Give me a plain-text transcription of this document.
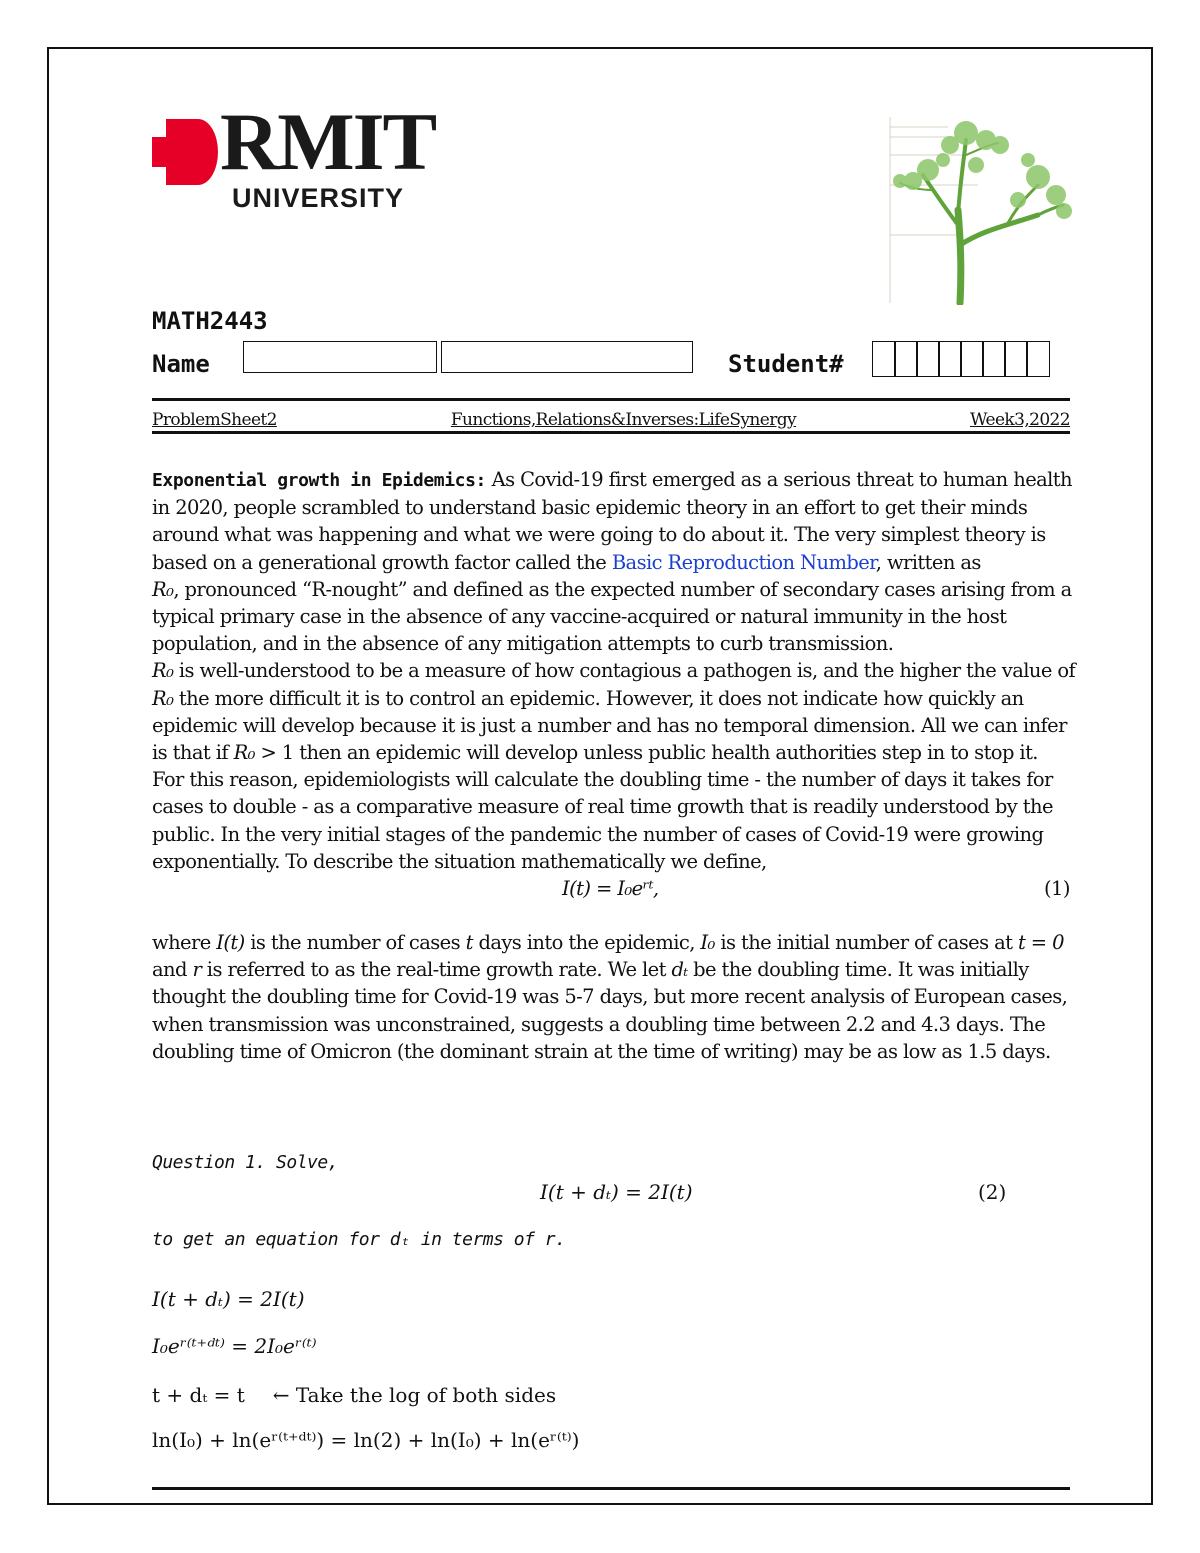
RMIT
UNIVERSITY
MATH2443
Name	Student#
ProblemSheet2	Functions,Relations&Inverses:LifeSynergy	Week3,2022

Exponential growth in Epidemics: As Covid-19 first emerged as a serious threat to human health in 2020, people scrambled to understand basic epidemic theory in an effort to get their minds around what was happening and what we were going to do about it. The very simplest theory is based on a generational growth factor called the Basic Reproduction Number, written as
R₀, pronounced “R-nought” and defined as the expected number of secondary cases arising from a typical primary case in the absence of any vaccine-acquired or natural immunity in the host population, and in the absence of any mitigation attempts to curb transmission.

R₀ is well-understood to be a measure of how contagious a pathogen is, and the higher the value of R₀ the more difficult it is to control an epidemic. However, it does not indicate how quickly an epidemic will develop because it is just a number and has no temporal dimension. All we can infer is that if R₀ > 1 then an epidemic will develop unless public health authorities step in to stop it.

For this reason, epidemiologists will calculate the doubling time - the number of days it takes for cases to double - as a comparative measure of real time growth that is readily understood by the public. In the very initial stages of the pandemic the number of cases of Covid-19 were growing exponentially. To describe the situation mathematically we define,

I(t) = I₀eʳᵗ,	(1)

where I(t) is the number of cases t days into the epidemic, I₀ is the initial number of cases at t = 0 and r is referred to as the real-time growth rate. We let dₜ be the doubling time. It was initially thought the doubling time for Covid-19 was 5-7 days, but more recent analysis of European cases, when transmission was unconstrained, suggests a doubling time between 2.2 and 4.3 days. The doubling time of Omicron (the dominant strain at the time of writing) may be as low as 1.5 days.

Question 1. Solve,
I(t + dₜ) = 2I(t)	(2)
to get an equation for dₜ in terms of r.
I(t + dₜ) = 2I(t)
I₀eʳ⁽ᵗ⁺ᵈᵗ⁾ = 2I₀eʳ⁽ᵗ⁾
t + dₜ = t ← Take the log of both sides
ln(I₀) + ln(eʳ⁽ᵗ⁺ᵈᵗ⁾) = ln(2) + ln(I₀) + ln(eʳ⁽ᵗ⁾)
